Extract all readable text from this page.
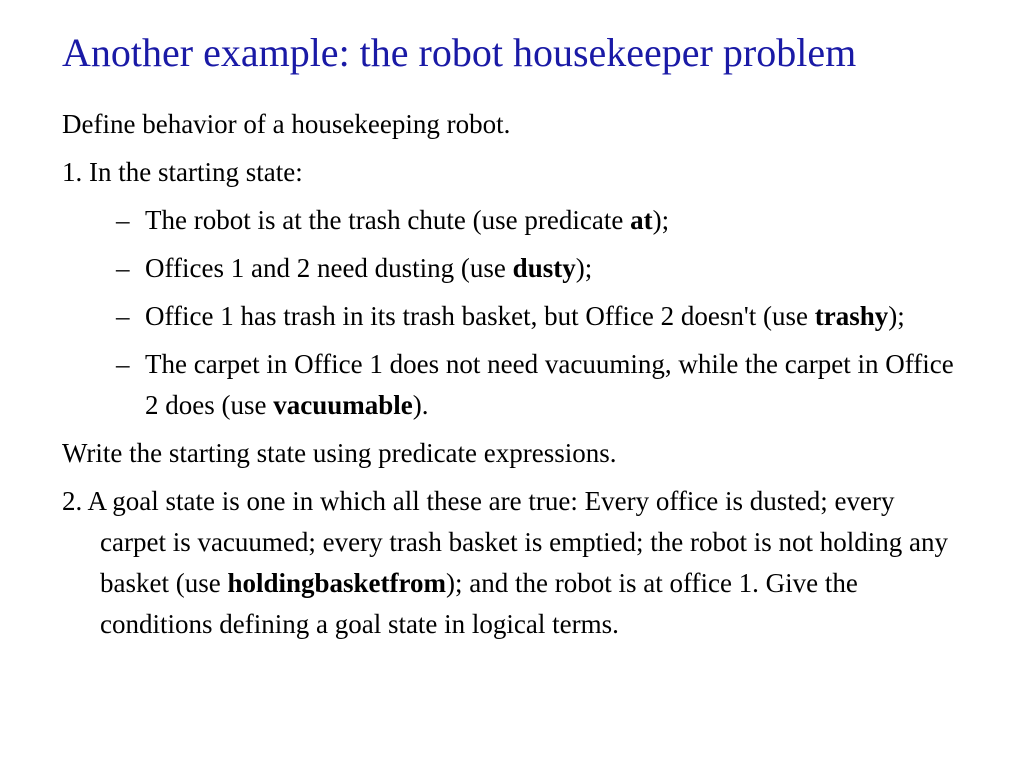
Another example: the robot housekeeper problem

Define behavior of a housekeeping robot.

1. In the starting state:

– The robot is at the trash chute (use predicate at);
– Offices 1 and 2 need dusting (use dusty);
– Office 1 has trash in its trash basket, but Office 2 doesn't (use trashy);
– The carpet in Office 1 does not need vacuuming, while the carpet in Office 2 does (use vacuumable).

Write the starting state using predicate expressions.

2. A goal state is one in which all these are true: Every office is dusted; every carpet is vacuumed; every trash basket is emptied; the robot is not holding any basket (use holdingbasketfrom); and the robot is at office 1. Give the conditions defining a goal state in logical terms.
